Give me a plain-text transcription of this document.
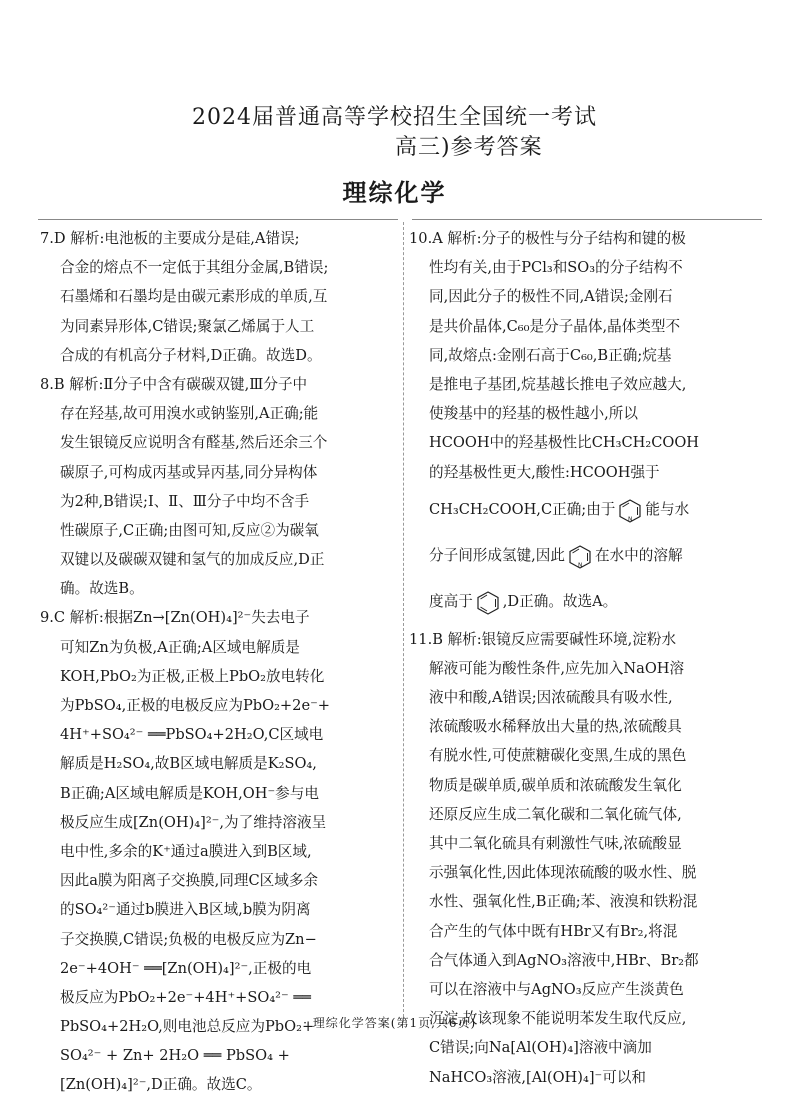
2024届普通高等学校招生全国统一考试
高三)参考答案
理综化学
7.D 解析:电池板的主要成分是硅,A错误;
合金的熔点不一定低于其组分金属,B错误;
石墨烯和石墨均是由碳元素形成的单质,互
为同素异形体,C错误;聚氯乙烯属于人工
合成的有机高分子材料,D正确。故选D。
8.B 解析:Ⅱ分子中含有碳碳双键,Ⅲ分子中
存在羟基,故可用溴水或钠鉴别,A正确;能
发生银镜反应说明含有醛基,然后还余三个
碳原子,可构成丙基或异丙基,同分异构体
为2种,B错误;Ⅰ、Ⅱ、Ⅲ分子中均不含手
性碳原子,C正确;由图可知,反应②为碳氧
双键以及碳碳双键和氢气的加成反应,D正
确。故选B。
9.C 解析:根据Zn→[Zn(OH)₄]²⁻失去电子
可知Zn为负极,A正确;A区域电解质是
KOH,PbO₂为正极,正极上PbO₂放电转化
为PbSO₄,正极的电极反应为PbO₂+2e⁻+
4H⁺+SO₄²⁻ ══PbSO₄+2H₂O,C区域电
解质是H₂SO₄,故B区域电解质是K₂SO₄,
B正确;A区域电解质是KOH,OH⁻参与电
极反应生成[Zn(OH)₄]²⁻,为了维持溶液呈
电中性,多余的K⁺通过a膜进入到B区域,
因此a膜为阳离子交换膜,同理C区域多余
的SO₄²⁻通过b膜进入B区域,b膜为阴离
子交换膜,C错误;负极的电极反应为Zn−
2e⁻+4OH⁻ ══[Zn(OH)₄]²⁻,正极的电
极反应为PbO₂+2e⁻+4H⁺+SO₄²⁻ ══
PbSO₄+2H₂O,则电池总反应为PbO₂+
SO₄²⁻ + Zn+ 2H₂O ══ PbSO₄ +
[Zn(OH)₄]²⁻,D正确。故选C。
10.A 解析:分子的极性与分子结构和键的极
性均有关,由于PCl₃和SO₃的分子结构不
同,因此分子的极性不同,A错误;金刚石
是共价晶体,C₆₀是分子晶体,晶体类型不
同,故熔点:金刚石高于C₆₀,B正确;烷基
是推电子基团,烷基越长推电子效应越大,
使羧基中的羟基的极性越小,所以
HCOOH中的羟基极性比CH₃CH₂COOH
的羟基极性更大,酸性:HCOOH强于
CH₃CH₂COOH,C正确;由于
N
能与水
分子间形成氢键,因此
N
在水中的溶解
度高于 ,D正确。故选A。
11.B 解析:银镜反应需要碱性环境,淀粉水
解液可能为酸性条件,应先加入NaOH溶
液中和酸,A错误;因浓硫酸具有吸水性,
浓硫酸吸水稀释放出大量的热,浓硫酸具
有脱水性,可使蔗糖碳化变黑,生成的黑色
物质是碳单质,碳单质和浓硫酸发生氧化
还原反应生成二氧化碳和二氧化硫气体,
其中二氧化硫具有刺激性气味,浓硫酸显
示强氧化性,因此体现浓硫酸的吸水性、脱
水性、强氧化性,B正确;苯、液溴和铁粉混
合产生的气体中既有HBr又有Br₂,将混
合气体通入到AgNO₃溶液中,HBr、Br₂都
可以在溶液中与AgNO₃反应产生淡黄色
沉淀,故该现象不能说明苯发生取代反应,
C错误;向Na[Al(OH)₄]溶液中滴加
NaHCO₃溶液,[Al(OH)₄]⁻可以和
· 理综化学答案(第1页,共6页) ·
